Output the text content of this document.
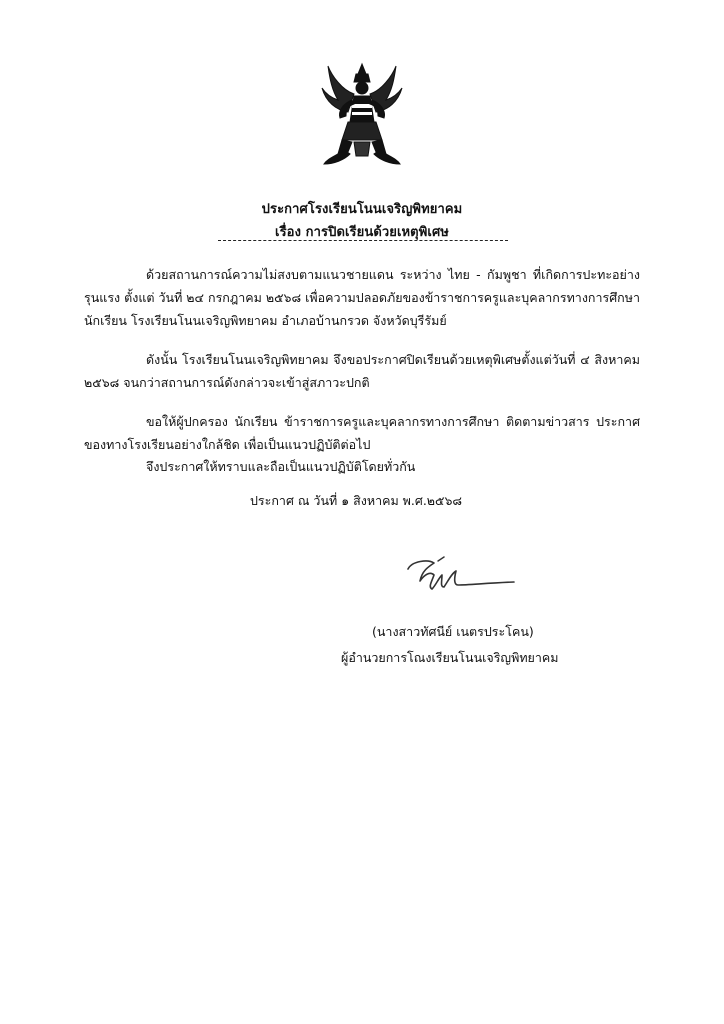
ประกาศโรงเรียนโนนเจริญพิทยาคม
เรื่อง การปิดเรียนด้วยเหตุพิเศษ

ด้วยสถานการณ์ความไม่สงบตามแนวชายแดน ระหว่าง ไทย - กัมพูชา ที่เกิดการปะทะอย่างรุนแรง ตั้งแต่ วันที่ ๒๔ กรกฎาคม ๒๕๖๘ เพื่อความปลอดภัยของข้าราชการครูและบุคลากรทางการศึกษา นักเรียน โรงเรียนโนนเจริญพิทยาคม อำเภอบ้านกรวด จังหวัดบุรีรัมย์

ดังนั้น โรงเรียนโนนเจริญพิทยาคม จึงขอประกาศปิดเรียนด้วยเหตุพิเศษตั้งแต่วันที่ ๔ สิงหาคม ๒๕๖๘ จนกว่าสถานการณ์ดังกล่าวจะเข้าสู่สภาวะปกติ

ขอให้ผู้ปกครอง นักเรียน ข้าราชการครูและบุคลากรทางการศึกษา ติดตามข่าวสาร ประกาศของทางโรงเรียนอย่างใกล้ชิด เพื่อเป็นแนวปฏิบัติต่อไป

จึงประกาศให้ทราบและถือเป็นแนวปฏิบัติโดยทั่วกัน

ประกาศ ณ วันที่ ๑ สิงหาคม พ.ศ.๒๕๖๘
(นางสาวทัศนีย์ เนตรประโคน)
ผู้อำนวยการโณงเรียนโนนเจริญพิทยาคม
